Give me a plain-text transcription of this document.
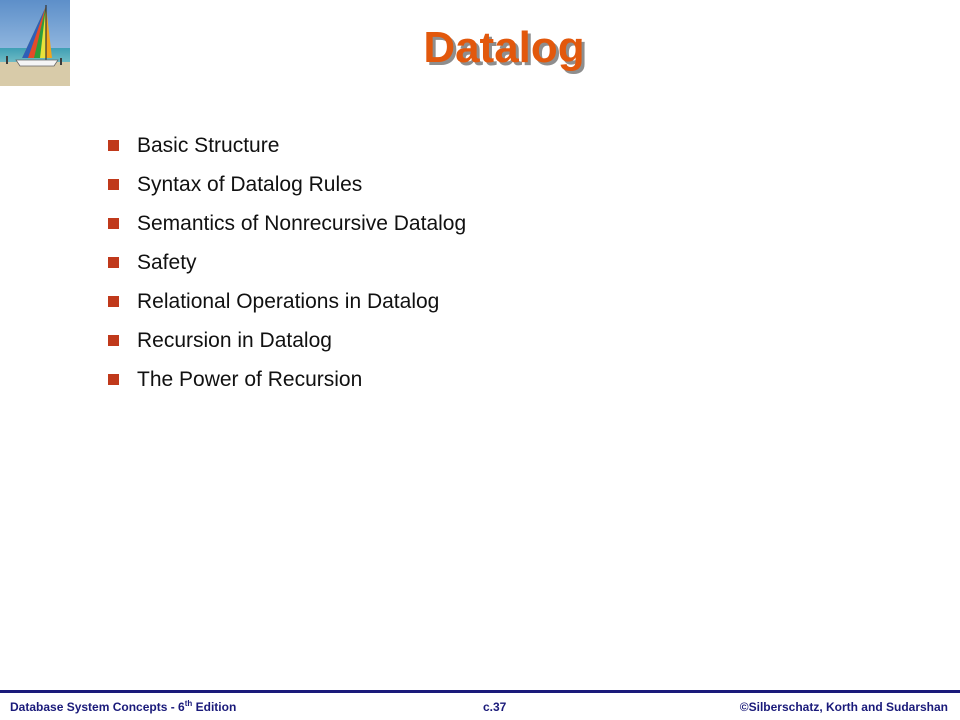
Datalog
Basic Structure
Syntax of Datalog Rules
Semantics of Nonrecursive Datalog
Safety
Relational Operations in Datalog
Recursion in Datalog
The Power of Recursion
Database System Concepts - 6th Edition	c.37	©Silberschatz, Korth and Sudarshan
